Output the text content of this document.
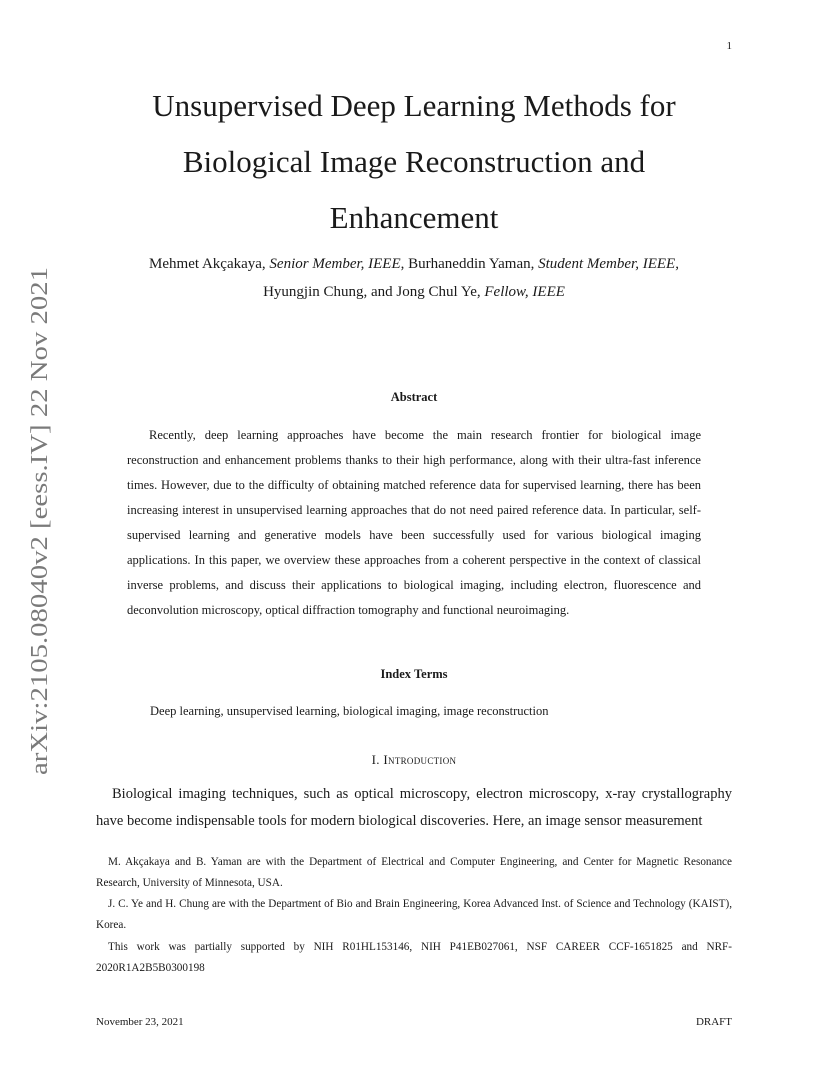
1
arXiv:2105.08040v2 [eess.IV] 22 Nov 2021
Unsupervised Deep Learning Methods for
Biological Image Reconstruction and
Enhancement
Mehmet Akçakaya, Senior Member, IEEE, Burhaneddin Yaman, Student Member, IEEE,
Hyungjin Chung, and Jong Chul Ye, Fellow, IEEE
Abstract

Recently, deep learning approaches have become the main research frontier for biological image reconstruction and enhancement problems thanks to their high performance, along with their ultra-fast inference times. However, due to the difficulty of obtaining matched reference data for supervised learning, there has been increasing interest in unsupervised learning approaches that do not need paired reference data. In particular, self-supervised learning and generative models have been successfully used for various biological imaging applications. In this paper, we overview these approaches from a coherent perspective in the context of classical inverse problems, and discuss their applications to biological imaging, including electron, fluorescence and deconvolution microscopy, optical diffraction tomography and functional neuroimaging.

Index Terms
Deep learning, unsupervised learning, biological imaging, image reconstruction
I. Introduction

Biological imaging techniques, such as optical microscopy, electron microscopy, x-ray crystallography have become indispensable tools for modern biological discoveries. Here, an image sensor measurement

M. Akçakaya and B. Yaman are with the Department of Electrical and Computer Engineering, and Center for Magnetic Resonance Research, University of Minnesota, USA.

J. C. Ye and H. Chung are with the Department of Bio and Brain Engineering, Korea Advanced Inst. of Science and Technology (KAIST), Korea.

This work was partially supported by NIH R01HL153146, NIH P41EB027061, NSF CAREER CCF-1651825 and NRF-2020R1A2B5B0300198

November 23, 2021	DRAFT
